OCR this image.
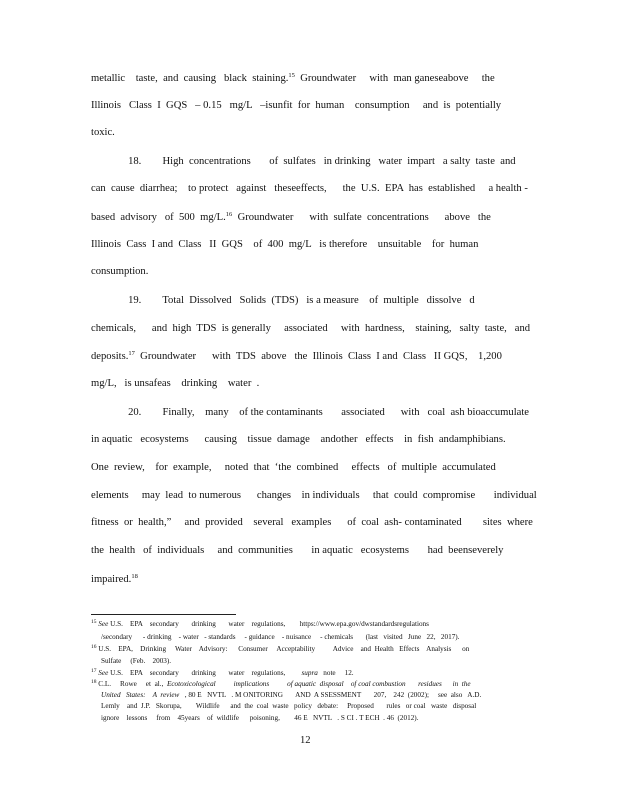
metallic    taste,  and  causing   black  staining.$^{15}$  Groundwater     with  man ganeseabove     the
Illinois   Class  I  GQS   – 0.15   mg/L   –isunfit  for  human    consumption     and  is  potentially
toxic.
18.        High  concentrations       of  sulfates   in drinking   water  impart   a salty  taste  and
can  cause  diarrhea;    to protect   against   theseeffects,      the  U.S.  EPA  has  established     a health -
based  advisory   of  500  mg/L.$^{16}$  Groundwater      with  sulfate  concentrations      above   the
Illinois  Cass  I and  Class   II  GQS    of  400  mg/L   is therefore    unsuitable    for  human
consumption.
19.        Total  Dissolved   Solids  (TDS)   is a measure    of  multiple   dissolve   d
chemicals,      and  high  TDS  is generally     associated     with  hardness,    staining,   salty  taste,   and
deposits.$^{17}$  Groundwater      with  TDS  above   the  Illinois  Class  I and  Class   II GQS,    1,200
mg/L,   is unsafeas    drinking    water  .
20.        Finally,    many    of the contaminants       associated      with   coal  ash bioaccumulate
in aquatic   ecosystems      causing    tissue  damage    andother   effects    in  fish  andamphibians.
One  review,    for  example,     noted  that  ‘the  combined     effects   of  multiple  accumulated
elements     may  lead  to numerous      changes    in individuals     that  could  compromise       individual
fitness  or  health,”     and  provided    several   examples      of  coal  ash- contaminated        sites  where
the  health   of  individuals     and  communities       in aquatic   ecosystems       had  beenseverely
impaired.$^{18}$
$^{15}$ See U.S.    EPA    secondary       drinking       water    regulations,        https://www.epa.gov/dwstandardsregulations
/secondary      - drinking    - water   - standards     - guidance    - nuisance     - chemicals       (last   visited   June   22,   2017).
$^{16}$ U.S.    EPA,    Drinking     Water    Advisory:      Consumer     Acceptability          Advice    and  Health   Effects    Analysis      on
Sulfate     (Feb.    2003).
$^{17}$ See U.S.    EPA    secondary       drinking       water    regulations,         supra   note     12.
$^{18}$ C.L.     Rowe     et  al.,  Ecotoxicological          implications          of aquatic  disposal    of coal combustion       residues      in  the
United   States:    A  review   , 80 E   NVTL   . M ONITORING       AND  A SSESSMENT       207,    242  (2002);     see  also   A.D.
Lemly    and  J.P.   Skorupa,        Wildlife      and  the  coal  waste   policy   debate:     Proposed       rules   or coal   waste   disposal
ignore    lessons     from    45years    of  wildlife      poisoning,        46 E   NVTL   . S CI . T ECH  . 46  (2012).
12
